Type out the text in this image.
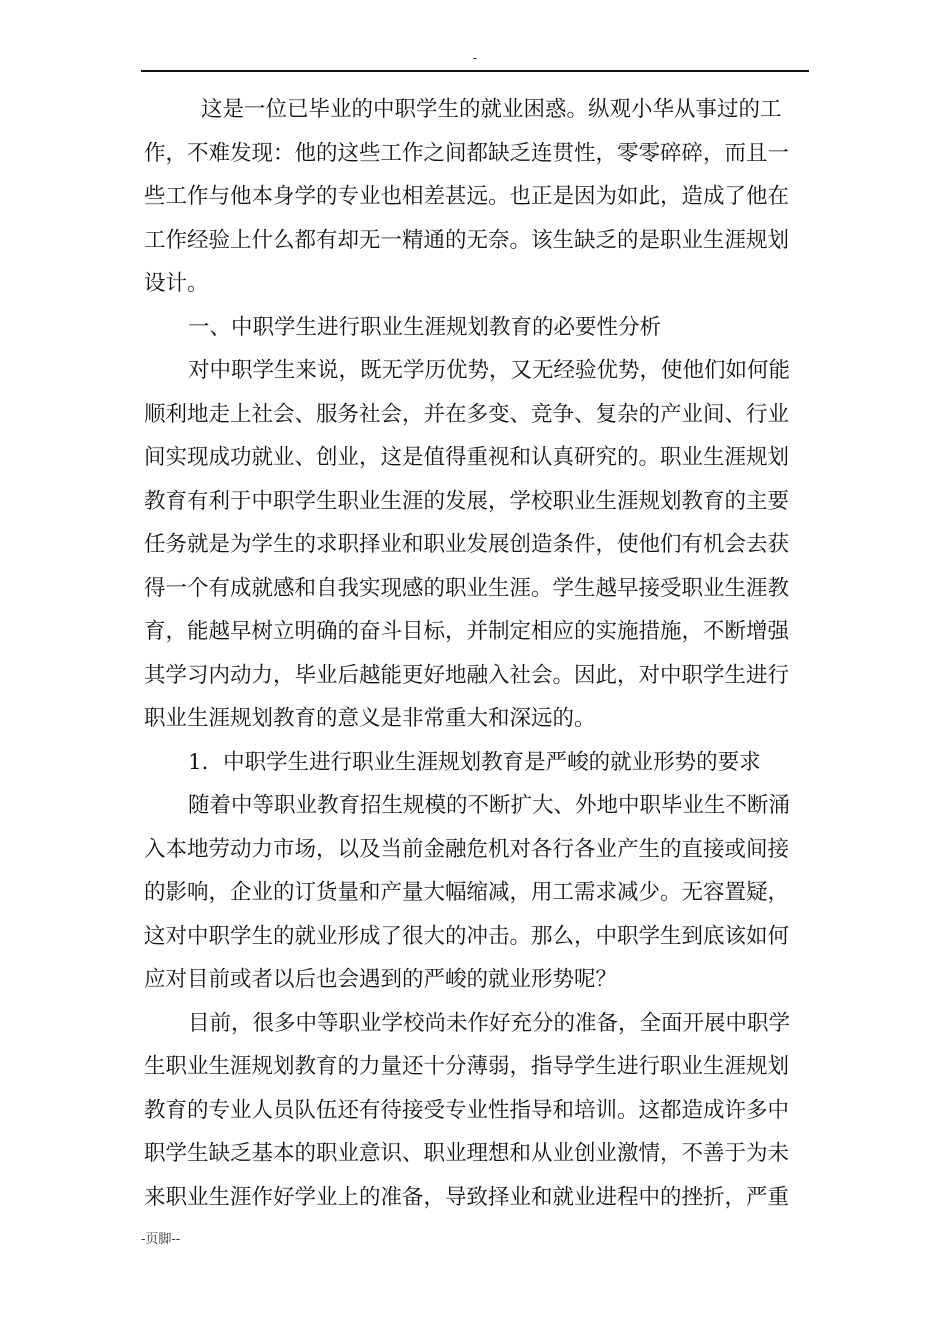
-
这是一位已毕业的中职学生的就业困惑。纵观小华从事过的工
作，不难发现：他的这些工作之间都缺乏连贯性，零零碎碎，而且一
些工作与他本身学的专业也相差甚远。也正是因为如此，造成了他在
工作经验上什么都有却无一精通的无奈。该生缺乏的是职业生涯规划
设计。
一、中职学生进行职业生涯规划教育的必要性分析
对中职学生来说，既无学历优势，又无经验优势，使他们如何能
顺利地走上社会、服务社会，并在多变、竞争、复杂的产业间、行业
间实现成功就业、创业，这是值得重视和认真研究的。职业生涯规划
教育有利于中职学生职业生涯的发展，学校职业生涯规划教育的主要
任务就是为学生的求职择业和职业发展创造条件，使他们有机会去获
得一个有成就感和自我实现感的职业生涯。学生越早接受职业生涯教
育，能越早树立明确的奋斗目标，并制定相应的实施措施，不断增强
其学习内动力，毕业后越能更好地融入社会。因此，对中职学生进行
职业生涯规划教育的意义是非常重大和深远的。
1．中职学生进行职业生涯规划教育是严峻的就业形势的要求
随着中等职业教育招生规模的不断扩大、外地中职毕业生不断涌
入本地劳动力市场，以及当前金融危机对各行各业产生的直接或间接
的影响，企业的订货量和产量大幅缩减，用工需求减少。无容置疑，
这对中职学生的就业形成了很大的冲击。那么，中职学生到底该如何
应对目前或者以后也会遇到的严峻的就业形势呢？
目前，很多中等职业学校尚未作好充分的准备，全面开展中职学
生职业生涯规划教育的力量还十分薄弱，指导学生进行职业生涯规划
教育的专业人员队伍还有待接受专业性指导和培训。这都造成许多中
职学生缺乏基本的职业意识、职业理想和从业创业激情，不善于为未
来职业生涯作好学业上的准备，导致择业和就业进程中的挫折，严重
-页脚--
